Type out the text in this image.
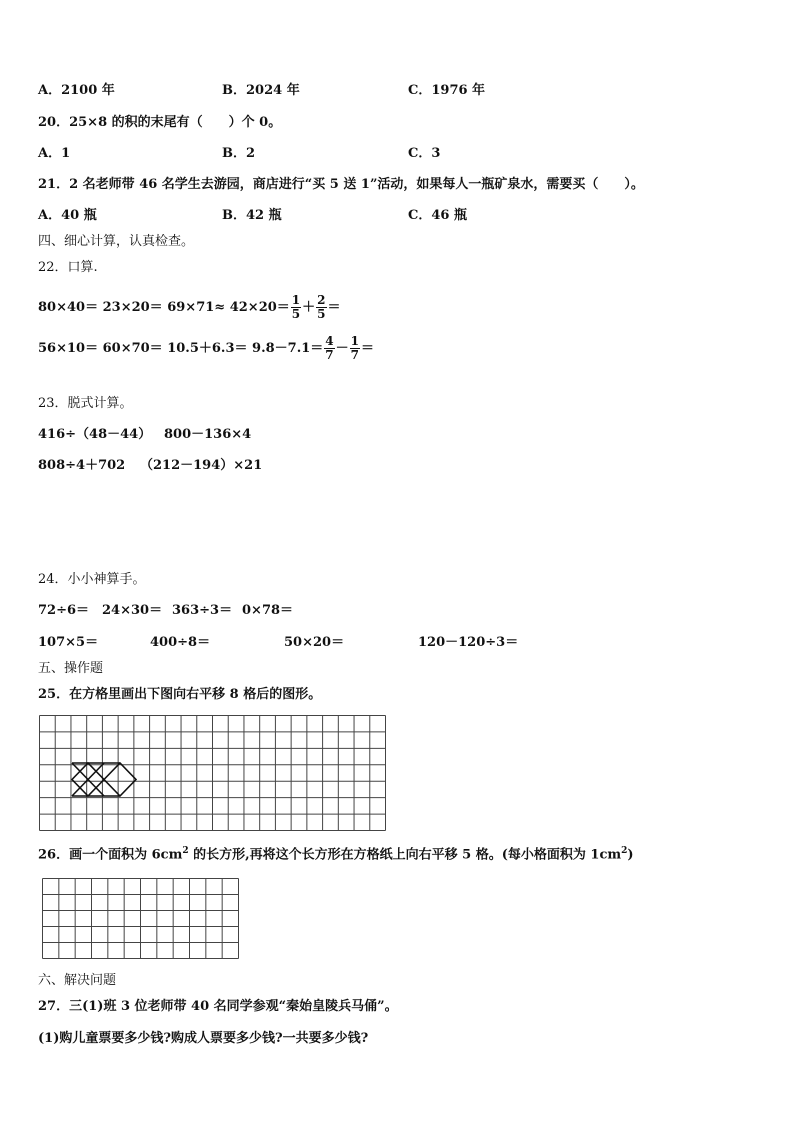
A．2100 年	B．2024 年	C．1976 年
20．25×8 的积的末尾有（　　）个 0。
A．1	B．2	C．3
21．2 名老师带 46 名学生去游园，商店进行“买 5 送 1”活动，如果每人一瓶矿泉水，需要买（　　）。
A．40 瓶	B．42 瓶	C．46 瓶
四、细心计算，认真检查。
22．口算.
$80\times 40= 23\times 20= 69\times 71\approx 42\times 20= \frac{1}{5} + \frac{2}{5}$ ＝
$56\times 10= 60\times 70= 10.5+6.3= 9.8-7.1= \frac{4}{7} - \frac{1}{7}$ ＝
23．脱式计算。
416÷（48－44） 800－136×4
808÷4＋702 （212－194）×21
24．小小神算手。
72÷6＝ 24×30＝ 363÷3＝ 0×78＝
107×5＝	400÷8＝	50×20＝	120－120÷3＝
五、操作题
25．在方格里画出下图向右平移 8 格后的图形。
26．画一个面积为 $6cm^2$ 的长方形,再将这个长方形在方格纸上向右平移 5 格。(每小格面积为 $1cm^2$)
六、解决问题
27．三(1)班 3 位老师带 40 名同学参观“秦始皇陵兵马俑”。
(1)购儿童票要多少钱?购成人票要多少钱?一共要多少钱?
